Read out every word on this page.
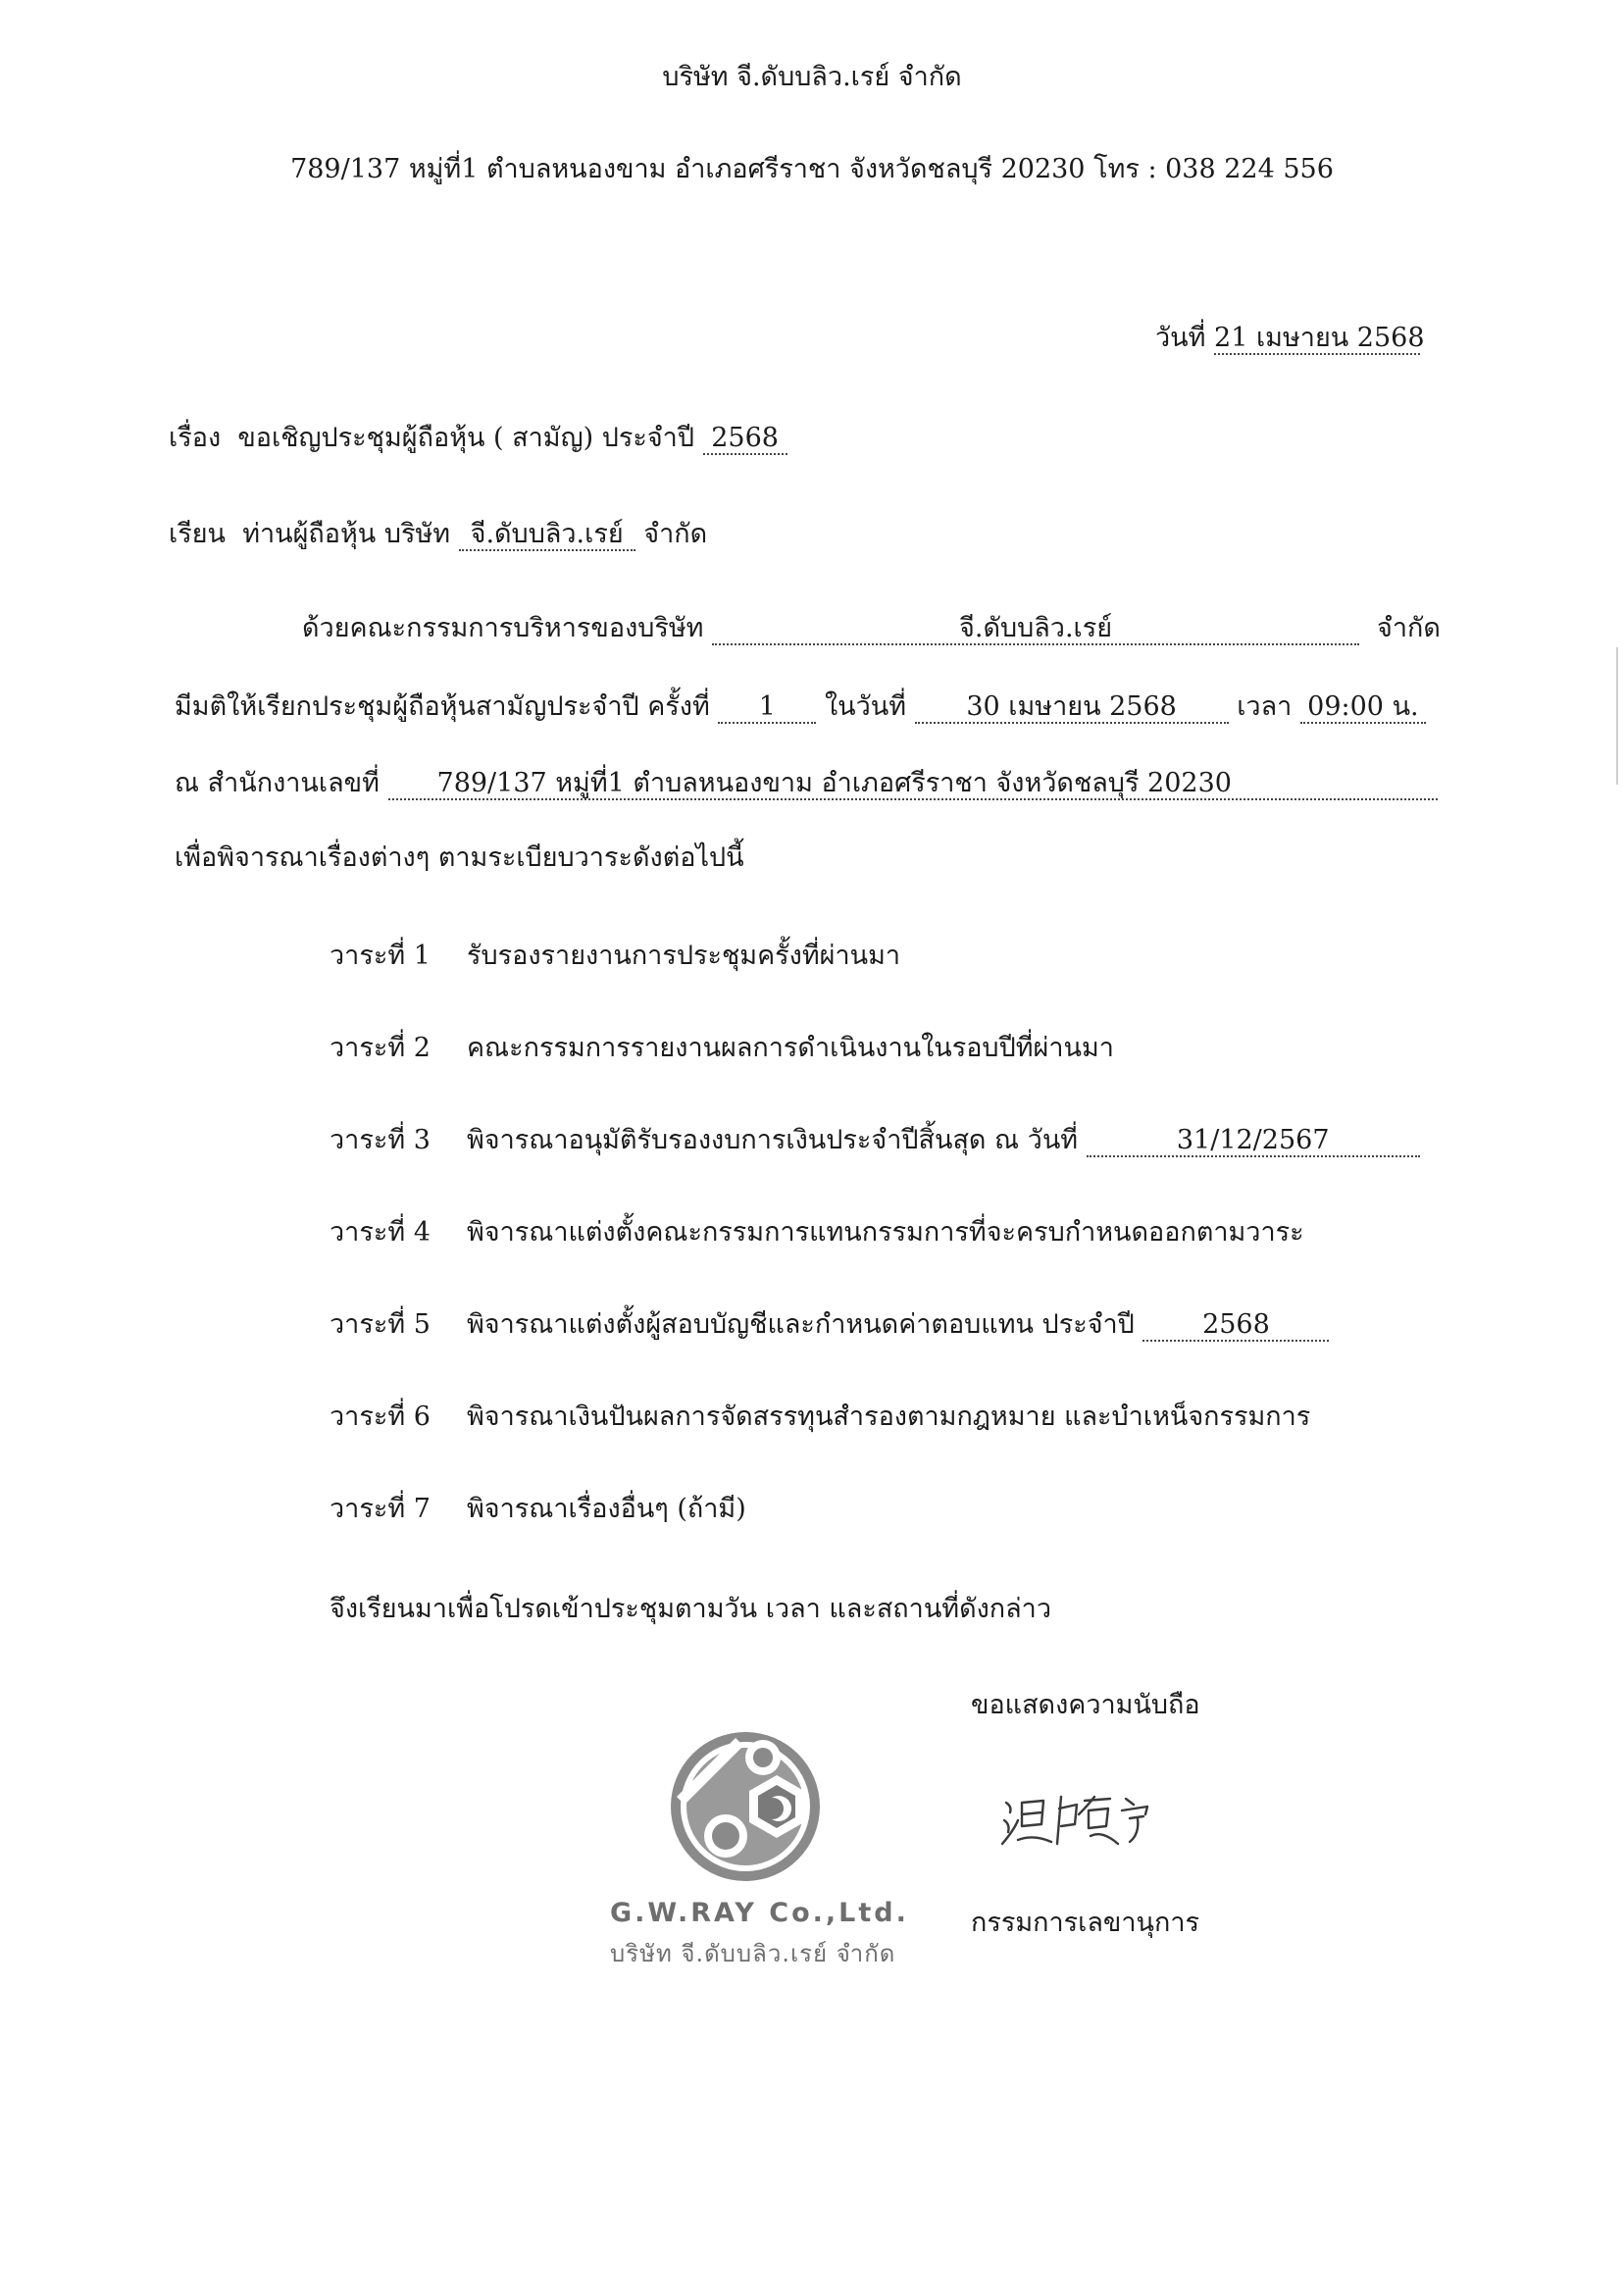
บริษัท จี.ดับบลิว.เรย์ จำกัด
789/137 หมู่ที่1 ตำบลหนองขาม อำเภอศรีราชา จังหวัดชลบุรี 20230 โทร : 038 224 556
วันที่ 21 เมษายน 2568
เรื่อง ขอเชิญประชุมผู้ถือหุ้น ( สามัญ) ประจำปี 2568
เรียน ท่านผู้ถือหุ้น บริษัท จี.ดับบลิว.เรย์ จำกัด
ด้วยคณะกรรมการบริหารของบริษัท	จี.ดับบลิว.เรย์	จำกัด
มีมติให้เรียกประชุมผู้ถือหุ้นสามัญประจำปี ครั้งที่ 1 ในวันที่ 30 เมษายน 2568 เวลา 09:00 น.
ณ สำนักงานเลขที่ 789/137 หมู่ที่1 ตำบลหนองขาม อำเภอศรีราชา จังหวัดชลบุรี 20230
เพื่อพิจารณาเรื่องต่างๆ ตามระเบียบวาระดังต่อไปนี้
วาระที่ 1 รับรองรายงานการประชุมครั้งที่ผ่านมา
วาระที่ 2 คณะกรรมการรายงานผลการดำเนินงานในรอบปีที่ผ่านมา
วาระที่ 3 พิจารณาอนุมัติรับรองงบการเงินประจำปีสิ้นสุด ณ วันที่	31/12/2567
วาระที่ 4 พิจารณาแต่งตั้งคณะกรรมการแทนกรรมการที่จะครบกำหนดออกตามวาระ
วาระที่ 5 พิจารณาแต่งตั้งผู้สอบบัญชีและกำหนดค่าตอบแทน ประจำปี	2568
วาระที่ 6 พิจารณาเงินปันผลการจัดสรรทุนสำรองตามกฎหมาย และบำเหน็จกรรมการ
วาระที่ 7 พิจารณาเรื่องอื่นๆ (ถ้ามี)
จึงเรียนมาเพื่อโปรดเข้าประชุมตามวัน เวลา และสถานที่ดังกล่าว
ขอแสดงความนับถือ
G.W.RAY Co.,Ltd.
บริษัท จี.ดับบลิว.เรย์ จำกัด
กรรมการเลขานุการ
